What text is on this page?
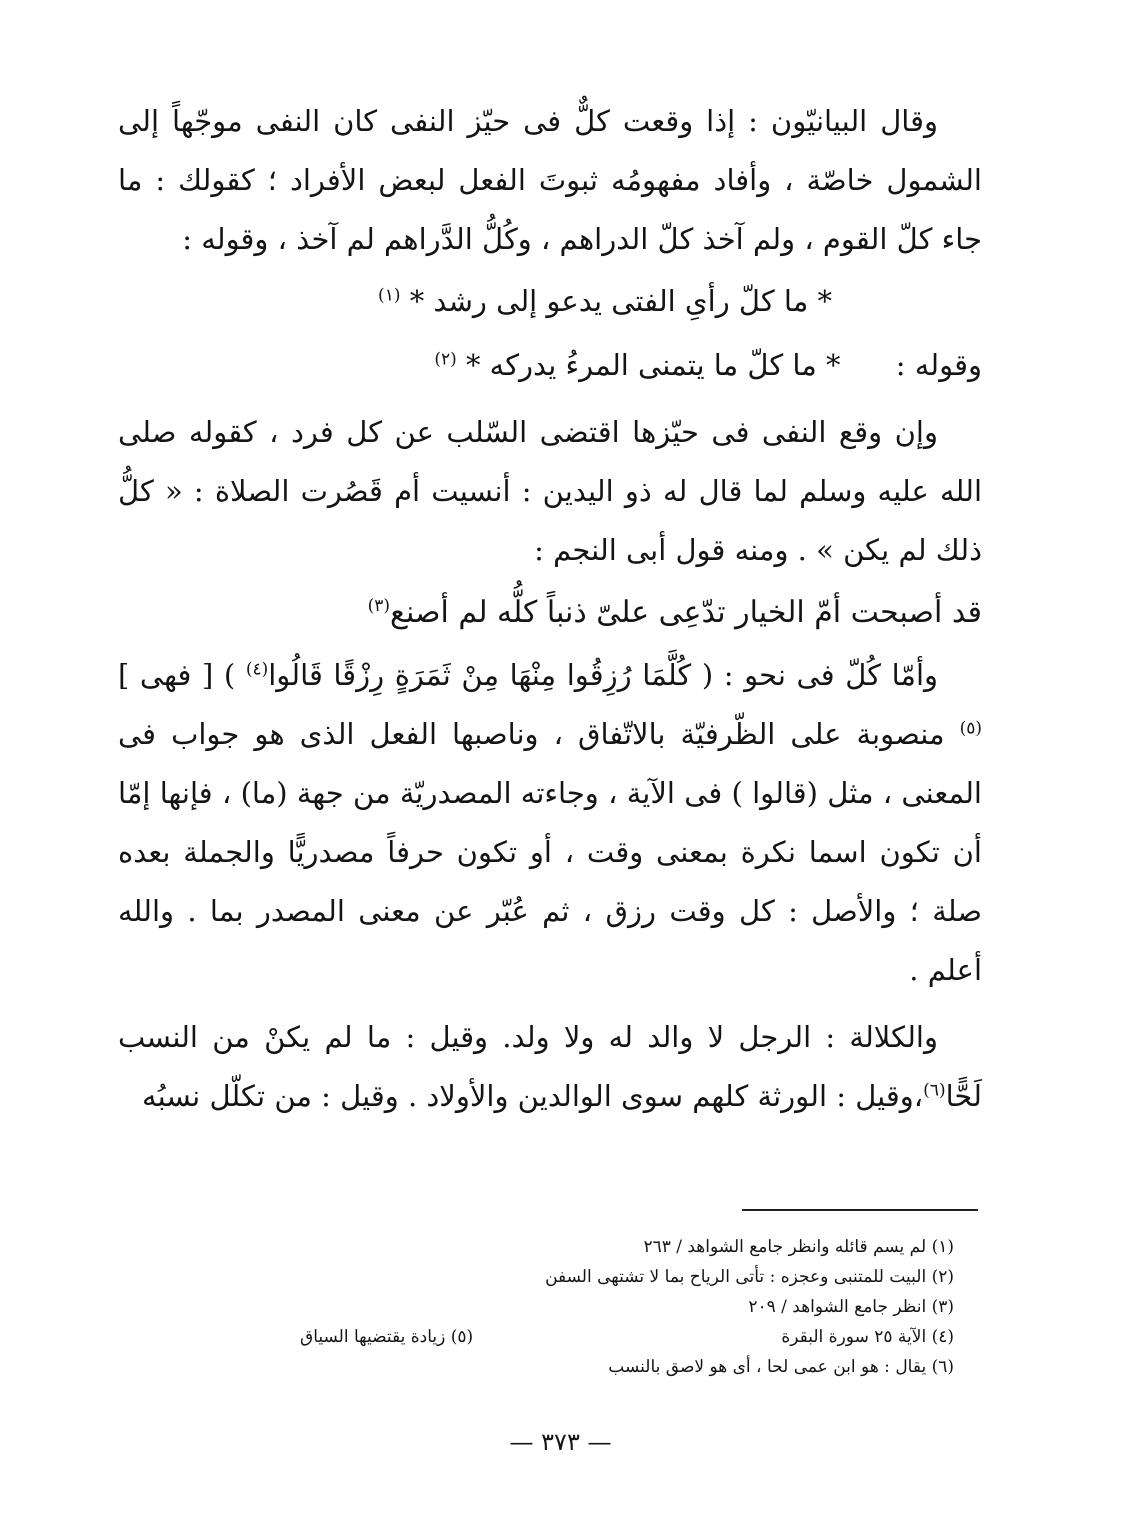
وقال البيانيّون : إذا وقعت كلٌّ فى حيّز النفى كان النفى موجّهاً إلى الشمول خاصّة ، وأفاد مفهومُه ثبوتَ الفعل لبعض الأفراد ؛ كقولك : ما جاء كلّ القوم ، ولم آخذ كلّ الدراهم ، وكُلُّ الدَّراهم لم آخذ ، وقوله :

* ما كلّ رأىِ الفتى يدعو إلى رشد * $^{(١)}$

وقوله :      * ما كلّ ما يتمنى المرءُ يدركه * $^{(٢)}$

وإن وقع النفى فى حيّزها اقتضى السّلب عن كل فرد ، كقوله صلى الله عليه وسلم لما قال له ذو اليدين : أنسيت أم قَصُرت الصلاة : « كلُّ ذلك لم يكن » . ومنه قول أبى النجم :

قد أصبحت أمّ الخيار تدّعِى علىّ ذنباً كلُّه لم أصنع$^{(٣)}$

وأمّا كُلّ فى نحو : ( كُلَّمَا رُزِقُوا مِنْهَا مِنْ ثَمَرَةٍ رِزْقًا قَالُوا$^{(٤)}$ ) [ فهى ]$^{(٥)}$ منصوبة على الظّرفيّة بالاتّفاق ، وناصبها الفعل الذى هو جواب فى المعنى ، مثل (قالوا ) فى الآية ، وجاءته المصدريّة من جهة (ما) ، فإنها إمّا أن تكون اسما نكرة بمعنى وقت ، أو تكون حرفاً مصدريًّا والجملة بعده صلة ؛ والأصل : كل وقت رزق ، ثم عُبّر عن معنى المصدر بما . والله أعلم .

والكلالة : الرجل لا والد له ولا ولد. وقيل : ما لم يكنْ من النسب لَحًّا$^{(٦)}$،وقيل : الورثة كلهم سوى الوالدين والأولاد . وقيل : من تكلّل نسبُه

(١) لم يسم قائله وانظر جامع الشواهد / ٢٦٣

(٢) البيت للمتنبى وعجزه : تأتى الرياح بما لا تشتهى السفن

(٣) انظر جامع الشواهد / ٢٠٩

(٤) الآية ٢٥ سورة البقرة
(٥) زيادة يقتضيها السياق

(٦) يقال : هو ابن عمى لحا ، أى هو لاصق بالنسب

— ٣٧٣ —
